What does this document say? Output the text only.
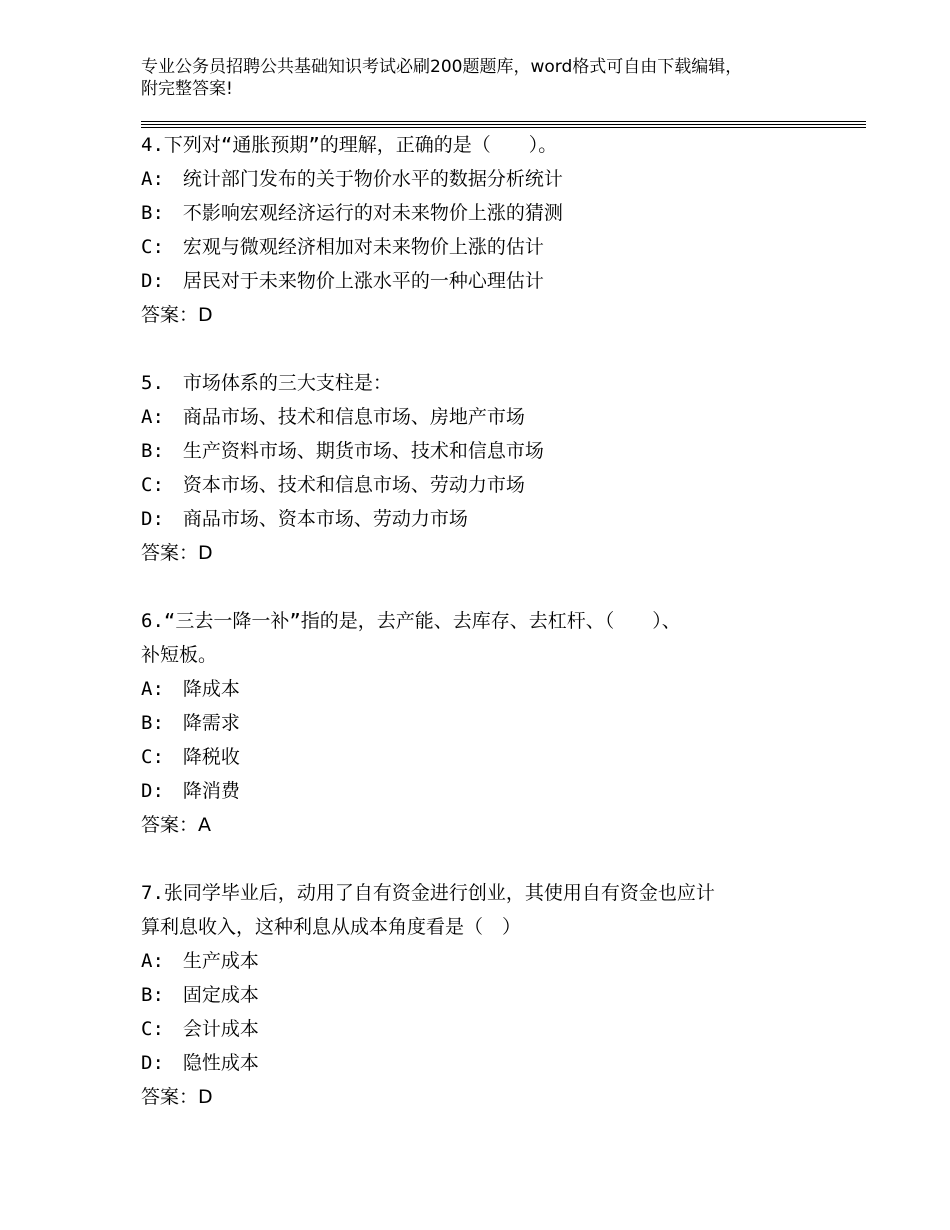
专业公务员招聘公共基础知识考试必刷200题题库，word格式可自由下载编辑，
附完整答案!
4.下列对“通胀预期”的理解，正确的是（　　）。
A:　统计部门发布的关于物价水平的数据分析统计
B:　不影响宏观经济运行的对未来物价上涨的猜测
C:　宏观与微观经济相加对未来物价上涨的估计
D:　居民对于未来物价上涨水平的一种心理估计
答案：D
5.　市场体系的三大支柱是：
A:　商品市场、技术和信息市场、房地产市场
B:　生产资料市场、期货市场、技术和信息市场
C:　资本市场、技术和信息市场、劳动力市场
D:　商品市场、资本市场、劳动力市场
答案：D
6.“三去一降一补”指的是，去产能、去库存、去杠杆、（　　）、
补短板。
A:　降成本
B:　降需求
C:　降税收
D:　降消费
答案：A
7.张同学毕业后，动用了自有资金进行创业，其使用自有资金也应计
算利息收入，这种利息从成本角度看是（　）
A:　生产成本
B:　固定成本
C:　会计成本
D:　隐性成本
答案：D
